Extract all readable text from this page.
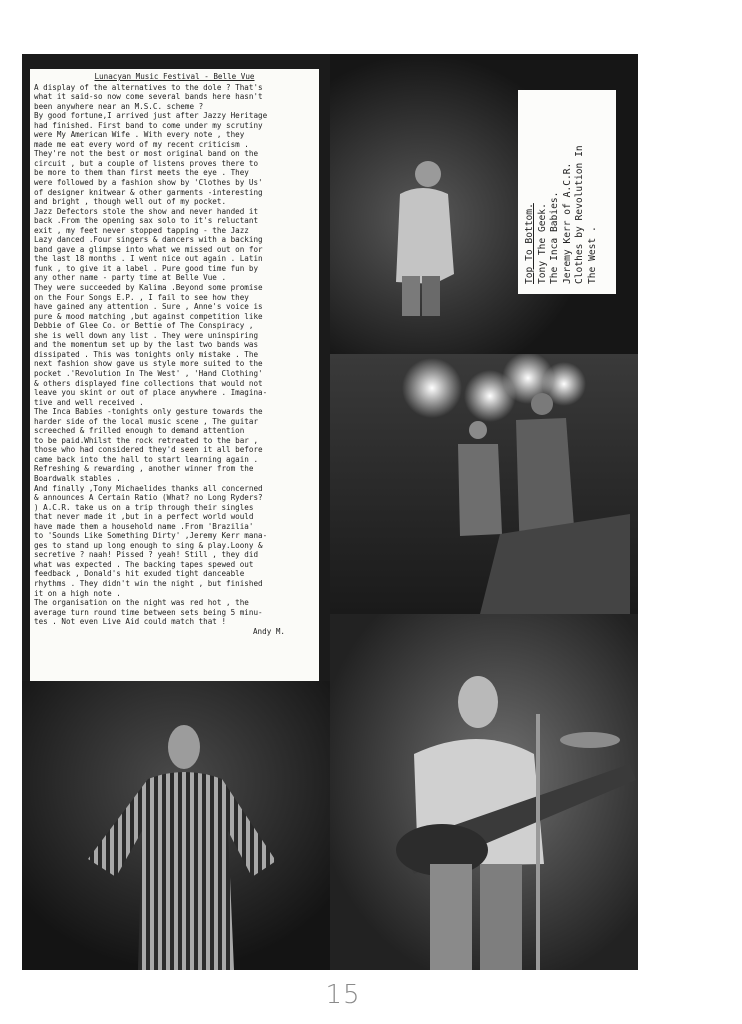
Lunacyan Music Festival - Belle Vue
A display of the alternatives to the dole ? That's
what it said-so now come several bands here hasn't
been anywhere near an M.S.C. scheme ?
By good fortune,I arrived just after Jazzy Heritage
had finished. First band to come under my scrutiny
were My American Wife . With every note , they
made me eat every word of my recent criticism .
They're not the best or most original band on the
circuit , but a couple of listens proves there to
be more to them than first meets the eye . They
were followed by a fashion show by 'Clothes by Us'
of designer knitwear & other garments -interesting
and bright , though well out of my pocket.
Jazz Defectors stole the show and never handed it
back .From the opening sax solo to it's reluctant
exit , my feet never stopped tapping - the Jazz
Lazy danced .Four singers & dancers with a backing
band gave a glimpse into what we missed out on for
the last 18 months . I went nice out again . Latin
funk , to give it a label . Pure good time fun by
any other name - party time at Belle Vue .
They were succeeded by Kalima .Beyond some promise
on the Four Songs E.P. , I fail to see how they
have gained any attention . Sure , Anne's voice is
pure & mood matching ,but against competition like
Debbie of Glee Co. or Bettie of The Conspiracy ,
she is well down any list . They were uninspiring
and the momentum set up by the last two bands was
dissipated . This was tonights only mistake . The
next fashion show gave us style more suited to the
pocket .'Revolution In The West' , 'Hand Clothing'
& others displayed fine collections that would not
leave you skint or out of place anywhere . Imagina-
tive and well received .
The Inca Babies -tonights only gesture towards the
harder side of the local music scene , The guitar
screeched & frilled enough to demand attention
to be paid.Whilst the rock retreated to the bar ,
those who had considered they'd seen it all before
came back into the hall to start learning again .
Refreshing & rewarding , another winner from the
Boardwalk stables .
And finally ,Tony Michaelides thanks all concerned
& announces A Certain Ratio (What? no Long Ryders?
) A.C.R. take us on a trip through their singles
that never made it ,but in a perfect world would
have made them a household name .From 'Brazilia'
to 'Sounds Like Something Dirty' ,Jeremy Kerr mana-
ges to stand up long enough to sing & play.Loony &
secretive ? naah! Pissed ? yeah! Still , they did
what was expected . The backing tapes spewed out
feedback , Donald's hit exuded tight danceable
rhythms . They didn't win the night , but finished
it on a high note .
The organisation on the night was red hot , the
average turn round time between sets being 5 minu-
tes . Not even Live Aid could match that !
Andy M.
Top To Bottom. Tony The Geek. The Inca Babies. Jeremy Kerr of A.C.R. Clothes by Revolution In The West .
15
